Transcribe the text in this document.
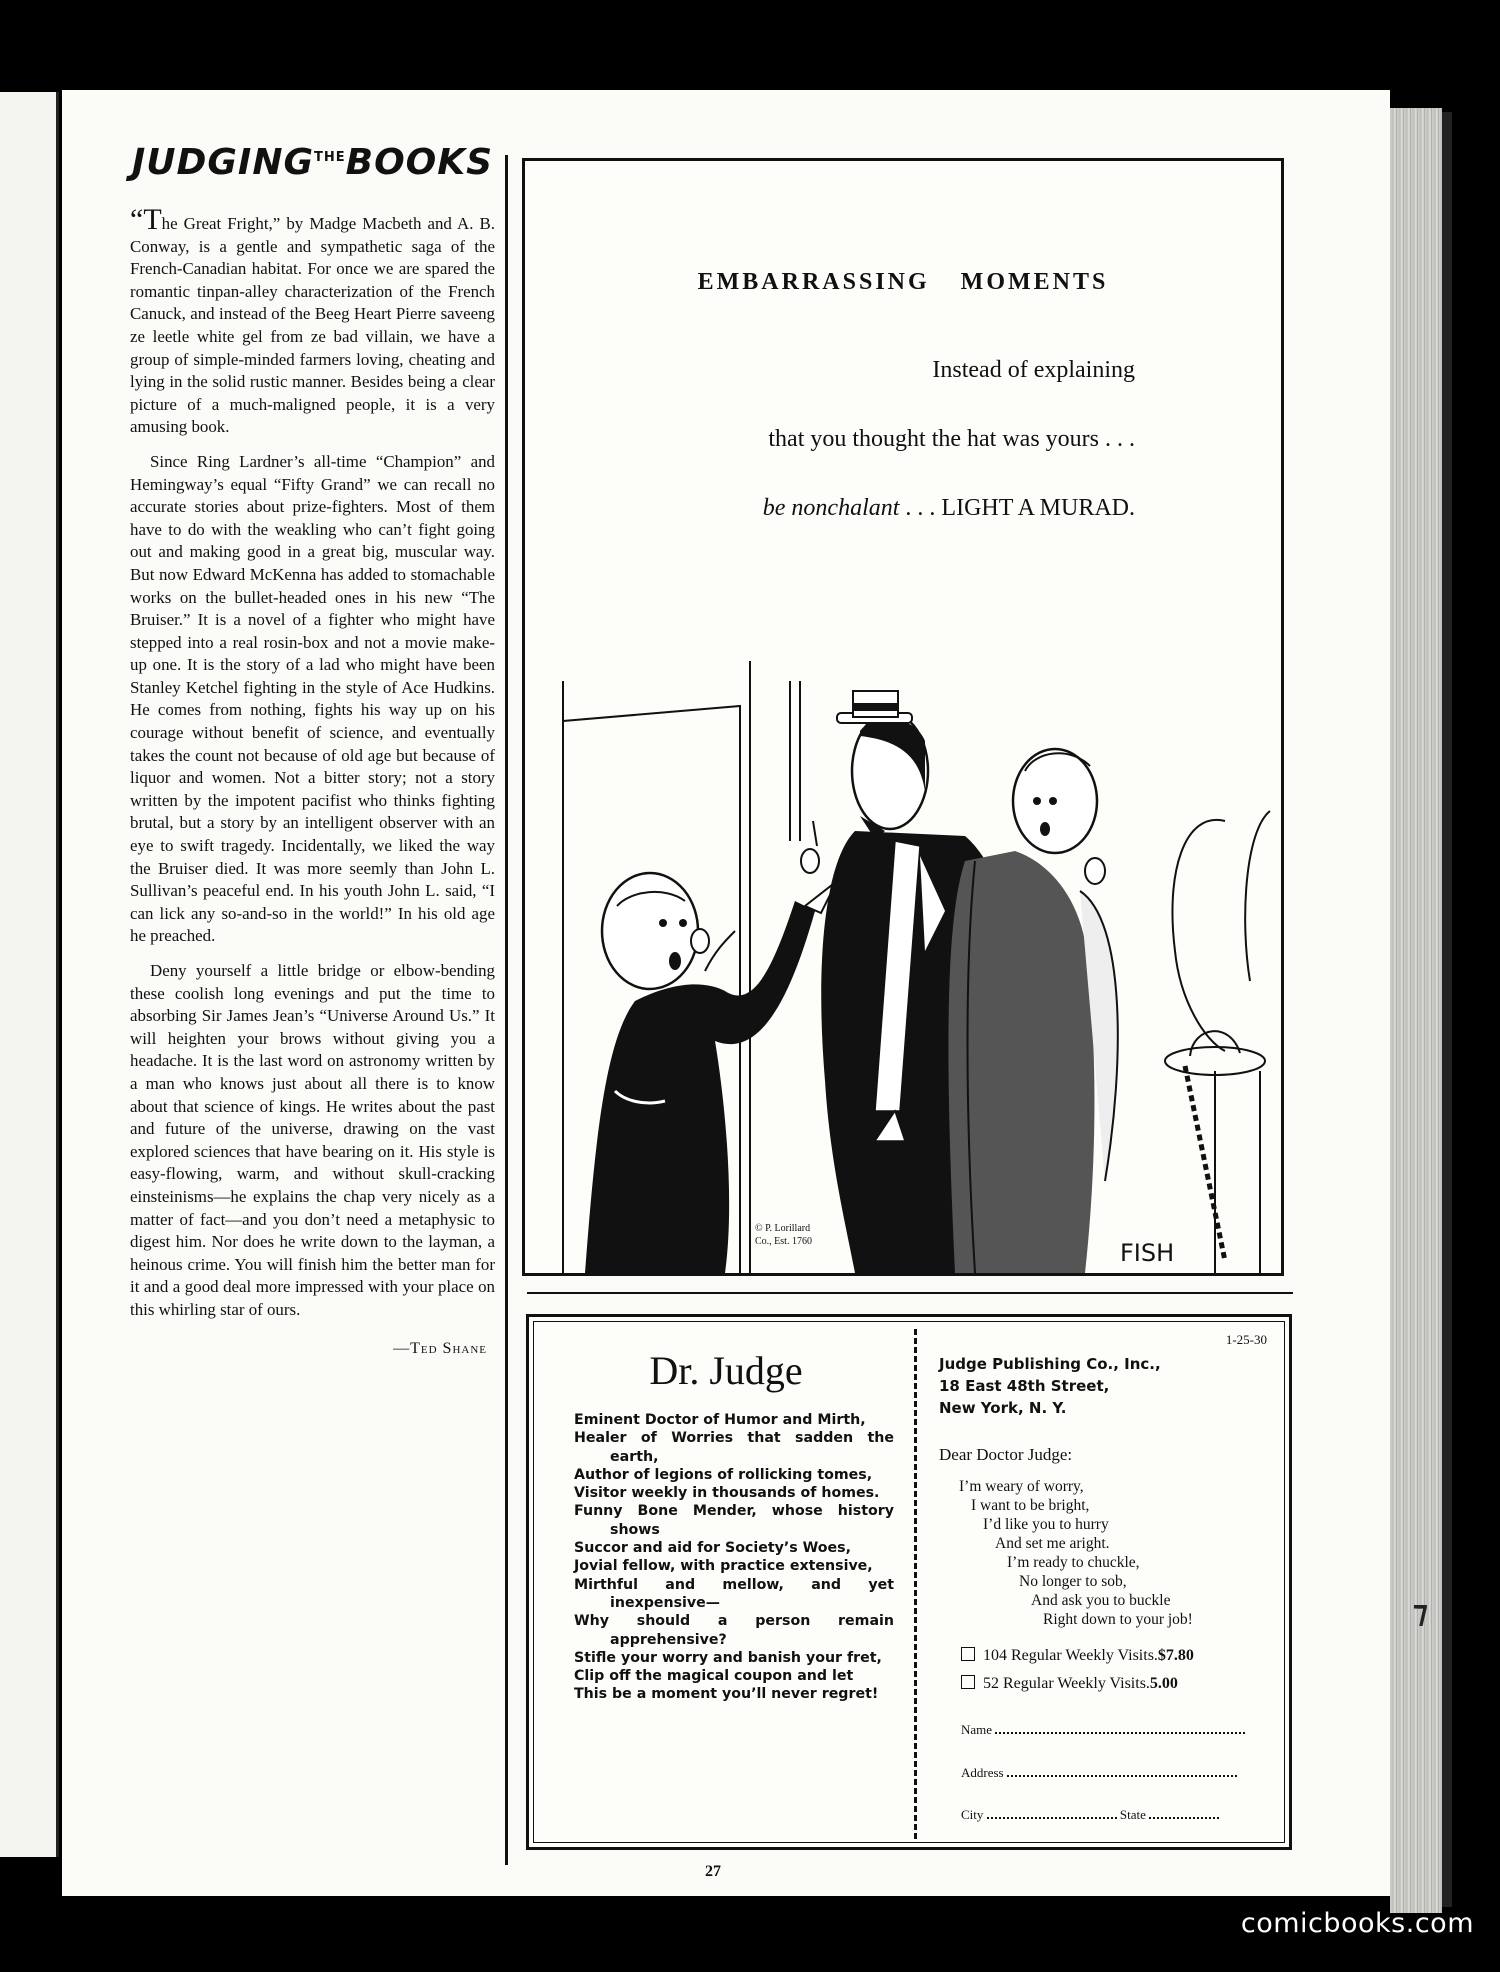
⁊
$JUDGING^{THE}BOOKS$

“The Great Fright,” by Madge Macbeth and A. B. Conway, is a gentle and sympathetic saga of the French-Canadian habitat. For once we are spared the romantic tinpan-alley characterization of the French Canuck, and instead of the Beeg Heart Pierre saveeng ze leetle white gel from ze bad villain, we have a group of simple-minded farmers loving, cheating and lying in the solid rustic manner. Besides being a clear picture of a much-maligned people, it is a very amusing book.

Since Ring Lardner’s all-time “Champion” and Hemingway’s equal “Fifty Grand” we can recall no accurate stories about prize-fighters. Most of them have to do with the weakling who can’t fight going out and making good in a great big, muscular way. But now Edward McKenna has added to stomachable works on the bullet-headed ones in his new “The Bruiser.” It is a novel of a fighter who might have stepped into a real rosin-box and not a movie make-up one. It is the story of a lad who might have been Stanley Ketchel fighting in the style of Ace Hudkins. He comes from nothing, fights his way up on his courage without benefit of science, and eventually takes the count not because of old age but because of liquor and women. Not a bitter story; not a story written by the impotent pacifist who thinks fighting brutal, but a story by an intelligent observer with an eye to swift tragedy. Incidentally, we liked the way the Bruiser died. It was more seemly than John L. Sullivan’s peaceful end. In his youth John L. said, “I can lick any so-and-so in the world!” In his old age he preached.

Deny yourself a little bridge or elbow-bending these coolish long evenings and put the time to absorbing Sir James Jean’s “Universe Around Us.” It will heighten your brows without giving you a headache. It is the last word on astronomy written by a man who knows just about all there is to know about that science of kings. He writes about the past and future of the universe, drawing on the vast explored sciences that have bearing on it. His style is easy-flowing, warm, and without skull-cracking einsteinisms—he explains the chap very nicely as a matter of fact—and you don’t need a metaphysic to digest him. Nor does he write down to the layman, a heinous crime. You will finish him the better man for it and a good deal more impressed with your place on this whirling star of ours.

—Ted Shane
EMBARRASSING MOMENTS
Instead of explaining
that you thought the hat was yours . . .
be nonchalant . . . LIGHT A MURAD.
© P. Lorillard
Co., Est. 1760	FISH
Dr. Judge
Eminent Doctor of Humor and Mirth,
Healer of Worries that sadden the earth,
Author of legions of rollicking tomes,
Visitor weekly in thousands of homes.
Funny Bone Mender, whose history shows
Succor and aid for Society’s Woes,
Jovial fellow, with practice extensive,
Mirthful and mellow, and yet inexpensive—
Why should a person remain apprehensive?
Stifle your worry and banish your fret,
Clip off the magical coupon and let
This be a moment you’ll never regret!
1-25-30
Judge Publishing Co., Inc.,
18 East 48th Street,
New York, N. Y.
Dear Doctor Judge:
I’m weary of worry,
I want to be bright,
I’d like you to hurry
And set me aright.
I’m ready to chuckle,
No longer to sob,
And ask you to buckle
Right down to your job!
104 Regular Weekly Visits.$7.80
52 Regular Weekly Visits.5.00
Name
Address
City	State
27
comicbooks.com
